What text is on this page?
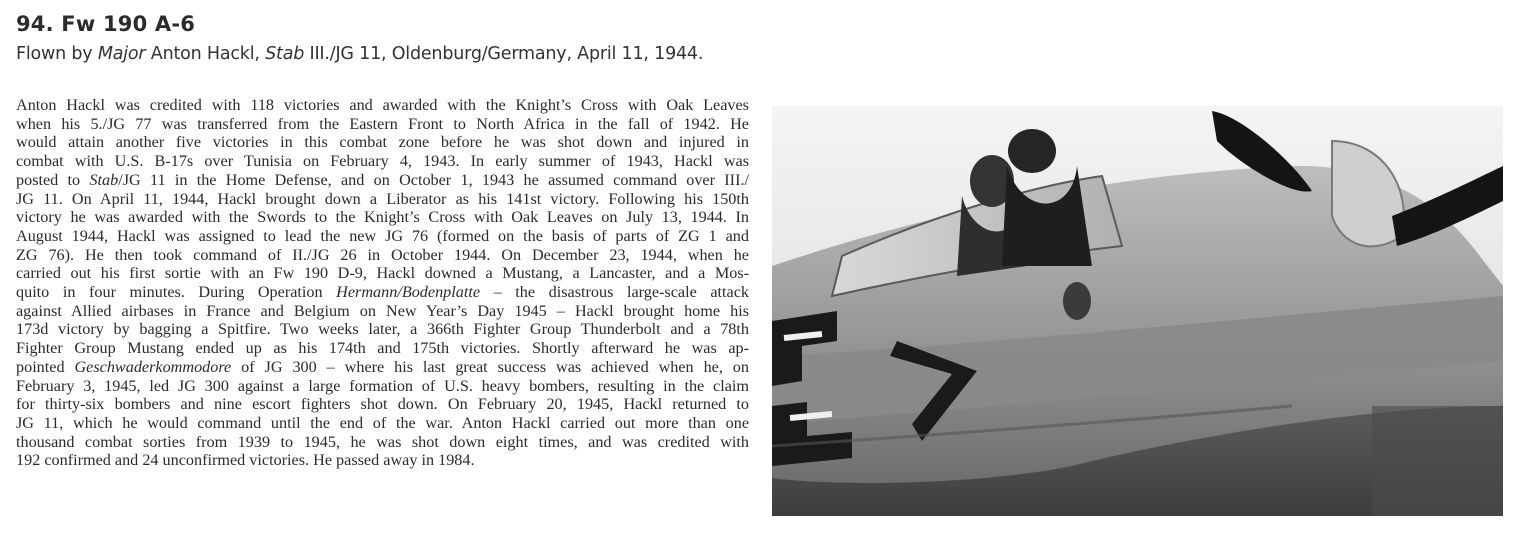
94. Fw 190 A-6

Flown by Major Anton Hackl, Stab III./JG 11, Oldenburg/Germany, April 11, 1944.

Anton Hackl was credited with 118 victories and awarded with the Knight’s Cross with Oak Leaves
when his 5./JG 77 was transferred from the Eastern Front to North Africa in the fall of 1942. He
would attain another five victories in this combat zone before he was shot down and injured in
combat with U.S. B-17s over Tunisia on February 4, 1943. In early summer of 1943, Hackl was
posted to Stab/JG 11 in the Home Defense, and on October 1, 1943 he assumed command over III./
JG 11. On April 11, 1944, Hackl brought down a Liberator as his 141st victory. Following his 150th
victory he was awarded with the Swords to the Knight’s Cross with Oak Leaves on July 13, 1944. In
August 1944, Hackl was assigned to lead the new JG 76 (formed on the basis of parts of ZG 1 and
ZG 76). He then took command of II./JG 26 in October 1944. On December 23, 1944, when he
carried out his first sortie with an Fw 190 D-9, Hackl downed a Mustang, a Lancaster, and a Mos-
quito in four minutes. During Operation Hermann/Bodenplatte – the disastrous large-scale attack
against Allied airbases in France and Belgium on New Year’s Day 1945 – Hackl brought home his
173d victory by bagging a Spitfire. Two weeks later, a 366th Fighter Group Thunderbolt and a 78th
Fighter Group Mustang ended up as his 174th and 175th victories. Shortly afterward he was ap-
pointed Geschwaderkommodore of JG 300 – where his last great success was achieved when he, on
February 3, 1945, led JG 300 against a large formation of U.S. heavy bombers, resulting in the claim
for thirty-six bombers and nine escort fighters shot down. On February 20, 1945, Hackl returned to
JG 11, which he would command until the end of the war. Anton Hackl carried out more than one
thousand combat sorties from 1939 to 1945, he was shot down eight times, and was credited with
192 confirmed and 24 unconfirmed victories. He passed away in 1984.
